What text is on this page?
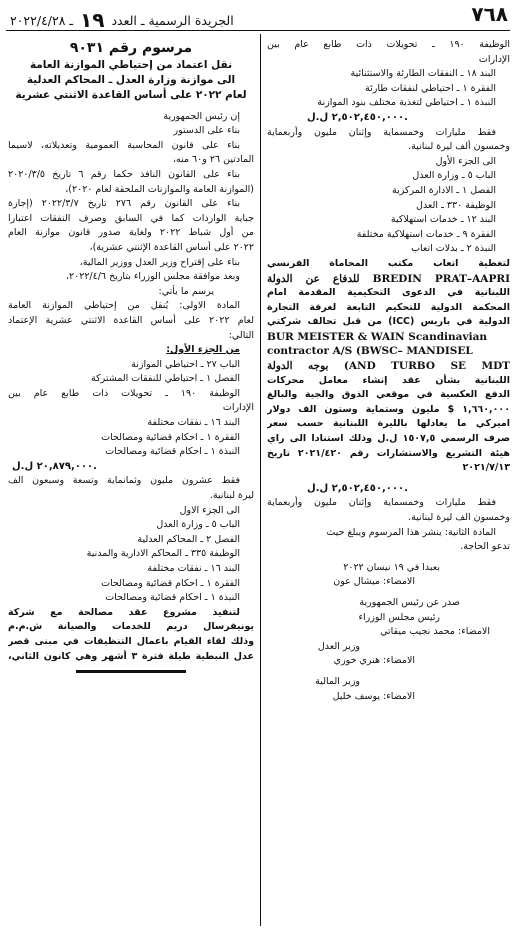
٧٦٨
الجريدة الرسمية ـ العدد ١٩ ـ ٢٠٢٢/٤/٢٨
الوظيفة ١٩٠ ـ تحويلات ذات طابع عام بين
الإدارات
البند ١٨ ـ النفقات الطارئة والاستثنائية
الفقرة ١ ـ احتياطي لنفقات طارئة
النبذة ١ ـ احتياطي لتغذية مختلف بنود الموازنة
٢,٥٠٢,٤٥٠,٠٠٠ ل.ل.
فقط مليارات وخمسماية وإثنان مليون وأربعماية
وخمسون ألف ليرة لبنانية.
الى الجزء الأول
الباب ٥ ـ وزارة العدل
الفصل ١ ـ الادارة المركزية
الوظيفة ٣٣٠ ـ العدل
البند ١٢ ـ خدمات استهلاكية
الفقرة ٩ ـ خدمات استهلاكية مختلفة
النبذة ٢ ـ بدلات اتعاب
لتغطية اتعاب مكتب المحاماة الفرنسي
BREDIN PRAT–AAPRI للدفاع عن الدولة
اللبنانية في الدعوى التحكيمية المقدمة امام
المحكمة الدولية للتحكيم التابعة لغرفة التجارة
الدولية في باريس (ICC) من قبل تحالف شركتي
BUR MEISTER & WAIN Scandinavian
contractor A/S (BWSC– MANDISEL
AND TURBO SE MDT) بوجه الدولة
اللبنانية بشأن عقد إنشاء معامل محركات
الدفع العكسية في موقعي الذوق والجية والبالغ
١,٦٦٠,٠٠٠ $ مليون وستماية وستون الف دولار
اميركي ما يعادلها بالليرة اللبنانية حسب سعر
صرف الرسمي ١٥٠٧,٥ ل.ل وذلك استنادا الى راي
هيئة التشريع والاستشارات رقم ٢٠٢١/٤٢٠ تاريخ
٢٠٢١/٧/١٣
٢,٥٠٢,٤٥٠,٠٠٠ ل.ل.
فقط مليارات وخمسماية وإثنان مليون وأربعماية
وخمسون الف ليرة لبنانية.
المادة الثانية: ينشر هذا المرسوم ويبلغ حيث
تدعو الحاجة.
بعبدا في ١٩ نيسان ٢٠٢٢
الامضاء: ميشال عون
صدر عن رئيس الجمهورية
رئيس مجلس الوزراء
الامضاء: محمد نجيب ميقاتي
وزير العدل
الامضاء: هنري خوري
وزير المالية
الامضاء: يوسف خليل
مرسوم رقم ٩٠٣١
نقل اعتماد من إحتياطي الموازنة العامة
الى موازنة وزارة العدل ـ المحاكم العدلية
لعام ٢٠٢٢ على أساس القاعدة الاثنتي عشرية
إن رئيس الجمهورية
بناء على الدستور
بناء على قانون المحاسبة العمومية وتعديلاته، لاسيما
المادتين ٢٦ و٦٠ منه،
بناء على القانون النافذ حكما رقم ٦ تاريخ ٢٠٢٠/٣/٥
(الموازنة العامة والموازنات الملحقة لعام ٢٠٢٠)،
بناء على القانون رقم ٢٧٦ تاريخ ٢٠٢٢/٣/٧ (إجازة
جباية الواردات كما في السابق وصرف النفقات اعتبارا
من أول شباط ٢٠٢٢ ولغاية صدور قانون موازنة العام
٢٠٢٢ على أساس القاعدة الإثنتي عشرية)،
بناء على إقتراح وزير العدل ووزير المالية،
وبعد موافقة مجلس الوزراء بتاريخ ٢٠٢٢/٤/٦،
يرسم ما يأتي:
المادة الاولى: يُنقل من إحتياطي الموازنة العامة
لعام ٢٠٢٢ على أساس القاعدة الاثنتي عشرية الإعتماد
التالي:
من الجزء الأول:
الباب ٢٧ ـ احتياطي الموازنة
الفصل ١ ـ احتياطي للنفقات المشتركة
الوظيفة ١٩٠ ـ تحويلات ذات طابع عام بين
الإدارات
البند ١٦ ـ نفقات مختلفة
الفقرة ١ ـ احكام قضائية ومصالحات
النبذة ١ ـ احكام قضائية ومصالحات
٢٠,٨٧٩,٠٠٠ ل.ل.
فقط عشرون مليون وثمانماية وتسعة وسبعون الف
ليرة لبنانية.
الى الجزء الاول
الباب ٥ ـ وزارة العدل
الفصل ٢ ـ المحاكم العدلية
الوظيفة ٣٣٥ ـ المحاكم الادارية والمدنية
البند ١٦ ـ نفقات مختلفة
الفقرة ١ ـ احكام قضائية ومصالحات
النبذة ١ ـ احكام قضائية ومصالحات
لتنفيذ مشروع عقد مصالحة مع شركة
يونيفرسال دريم للخدمات والصيانة ش.م.م
وذلك لقاء القيام باعمال التنظيفات في مبنى قصر
عدل النبطية طيلة فترة ٣ أشهر وهي كانون الثاني،
